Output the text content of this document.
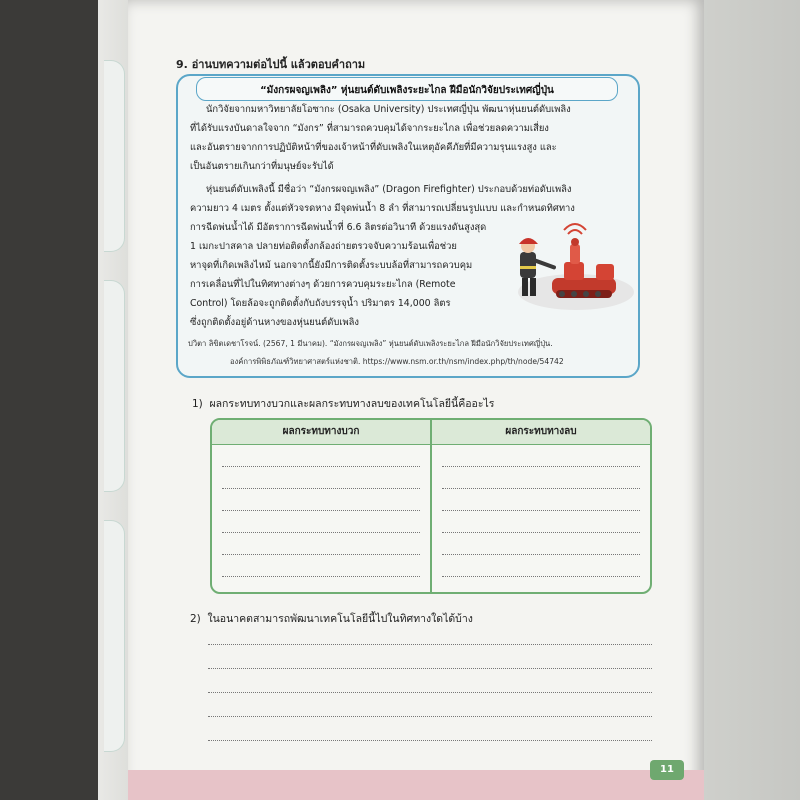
9. อ่านบทความต่อไปนี้ แล้วตอบคำถาม
“มังกรผจญเพลิง” หุ่นยนต์ดับเพลิงระยะไกล ฝีมือนักวิจัยประเทศญี่ปุ่น
นักวิจัยจากมหาวิทยาลัยโอซากะ (Osaka University) ประเทศญี่ปุ่น พัฒนาหุ่นยนต์ดับเพลิง
ที่ได้รับแรงบันดาลใจจาก “มังกร” ที่สามารถควบคุมได้จากระยะไกล เพื่อช่วยลดความเสี่ยง
และอันตรายจากการปฏิบัติหน้าที่ของเจ้าหน้าที่ดับเพลิงในเหตุอัคคีภัยที่มีความรุนแรงสูง และ
เป็นอันตรายเกินกว่าที่มนุษย์จะรับได้
หุ่นยนต์ดับเพลิงนี้ มีชื่อว่า “มังกรผจญเพลิง” (Dragon Firefighter) ประกอบด้วยท่อดับเพลิง
ความยาว 4 เมตร ตั้งแต่หัวจรดหาง มีจุดพ่นน้ำ 8 ลำ ที่สามารถเปลี่ยนรูปแบบ และกำหนดทิศทาง
การฉีดพ่นน้ำได้ มีอัตราการฉีดพ่นน้ำที่ 6.6 ลิตรต่อวินาที ด้วยแรงดันสูงสุด
1 เมกะปาสคาล ปลายท่อติดตั้งกล้องถ่ายตรวจจับความร้อนเพื่อช่วย
หาจุดที่เกิดเพลิงไหม้ นอกจากนี้ยังมีการติดตั้งระบบล้อที่สามารถควบคุม
การเคลื่อนที่ไปในทิศทางต่างๆ ด้วยการควบคุมระยะไกล (Remote
Control) โดยล้อจะถูกติดตั้งกับถังบรรจุน้ำ ปริมาตร 14,000 ลิตร
ซึ่งถูกติดตั้งอยู่ด้านหางของหุ่นยนต์ดับเพลิง
ปวิตา ลิขิตเดชาโรจน์. (2567, 1 มีนาคม). “มังกรผจญเพลิง” หุ่นยนต์ดับเพลิงระยะไกล ฝีมือนักวิจัยประเทศญี่ปุ่น.
องค์การพิพิธภัณฑ์วิทยาศาสตร์แห่งชาติ. https://www.nsm.or.th/nsm/index.php/th/node/54742
1) ผลกระทบทางบวกและผลกระทบทางลบของเทคโนโลยีนี้คืออะไร
ผลกระทบทางบวก	ผลกระทบทางลบ
2) ในอนาคตสามารถพัฒนาเทคโนโลยีนี้ไปในทิศทางใดได้บ้าง
11
